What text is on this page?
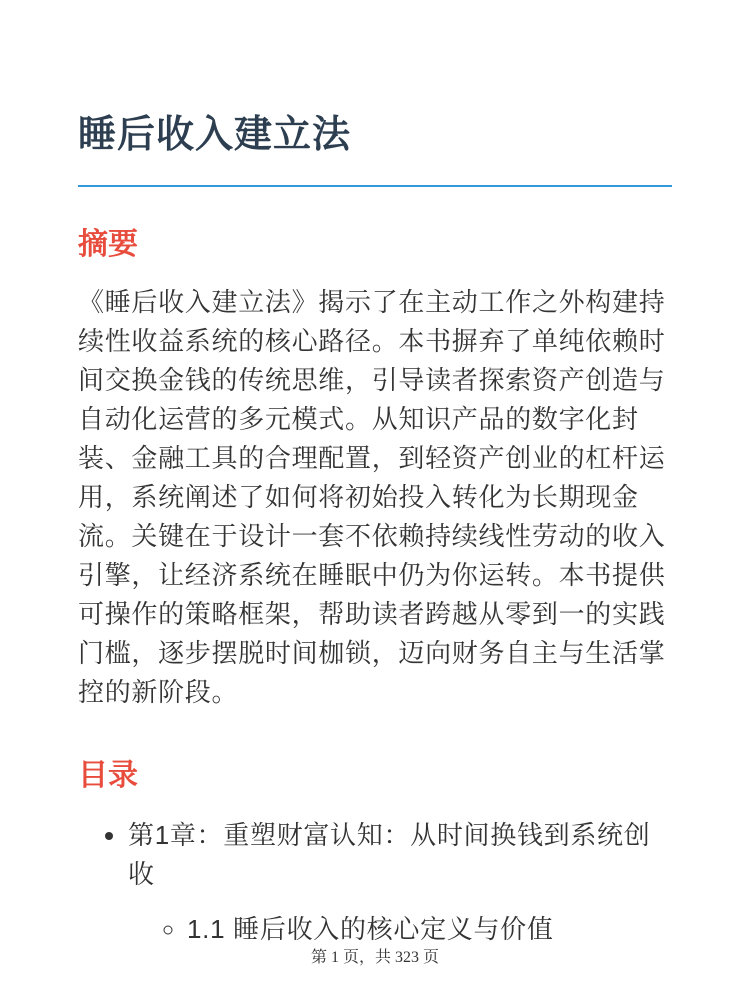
睡后收入建立法
摘要

《睡后收入建立法》揭示了在主动工作之外构建持续性收益系统的核心路径。本书摒弃了单纯依赖时间交换金钱的传统思维，引导读者探索资产创造与自动化运营的多元模式。从知识产品的数字化封装、金融工具的合理配置，到轻资产创业的杠杆运用，系统阐述了如何将初始投入转化为长期现金流。关键在于设计一套不依赖持续线性劳动的收入引擎，让经济系统在睡眠中仍为你运转。本书提供可操作的策略框架，帮助读者跨越从零到一的实践门槛，逐步摆脱时间枷锁，迈向财务自主与生活掌控的新阶段。

目录
• 第1章：重塑财富认知：从时间换钱到系统创收
◦ 1.1 睡后收入的核心定义与价值
第 1 页，共 323 页
